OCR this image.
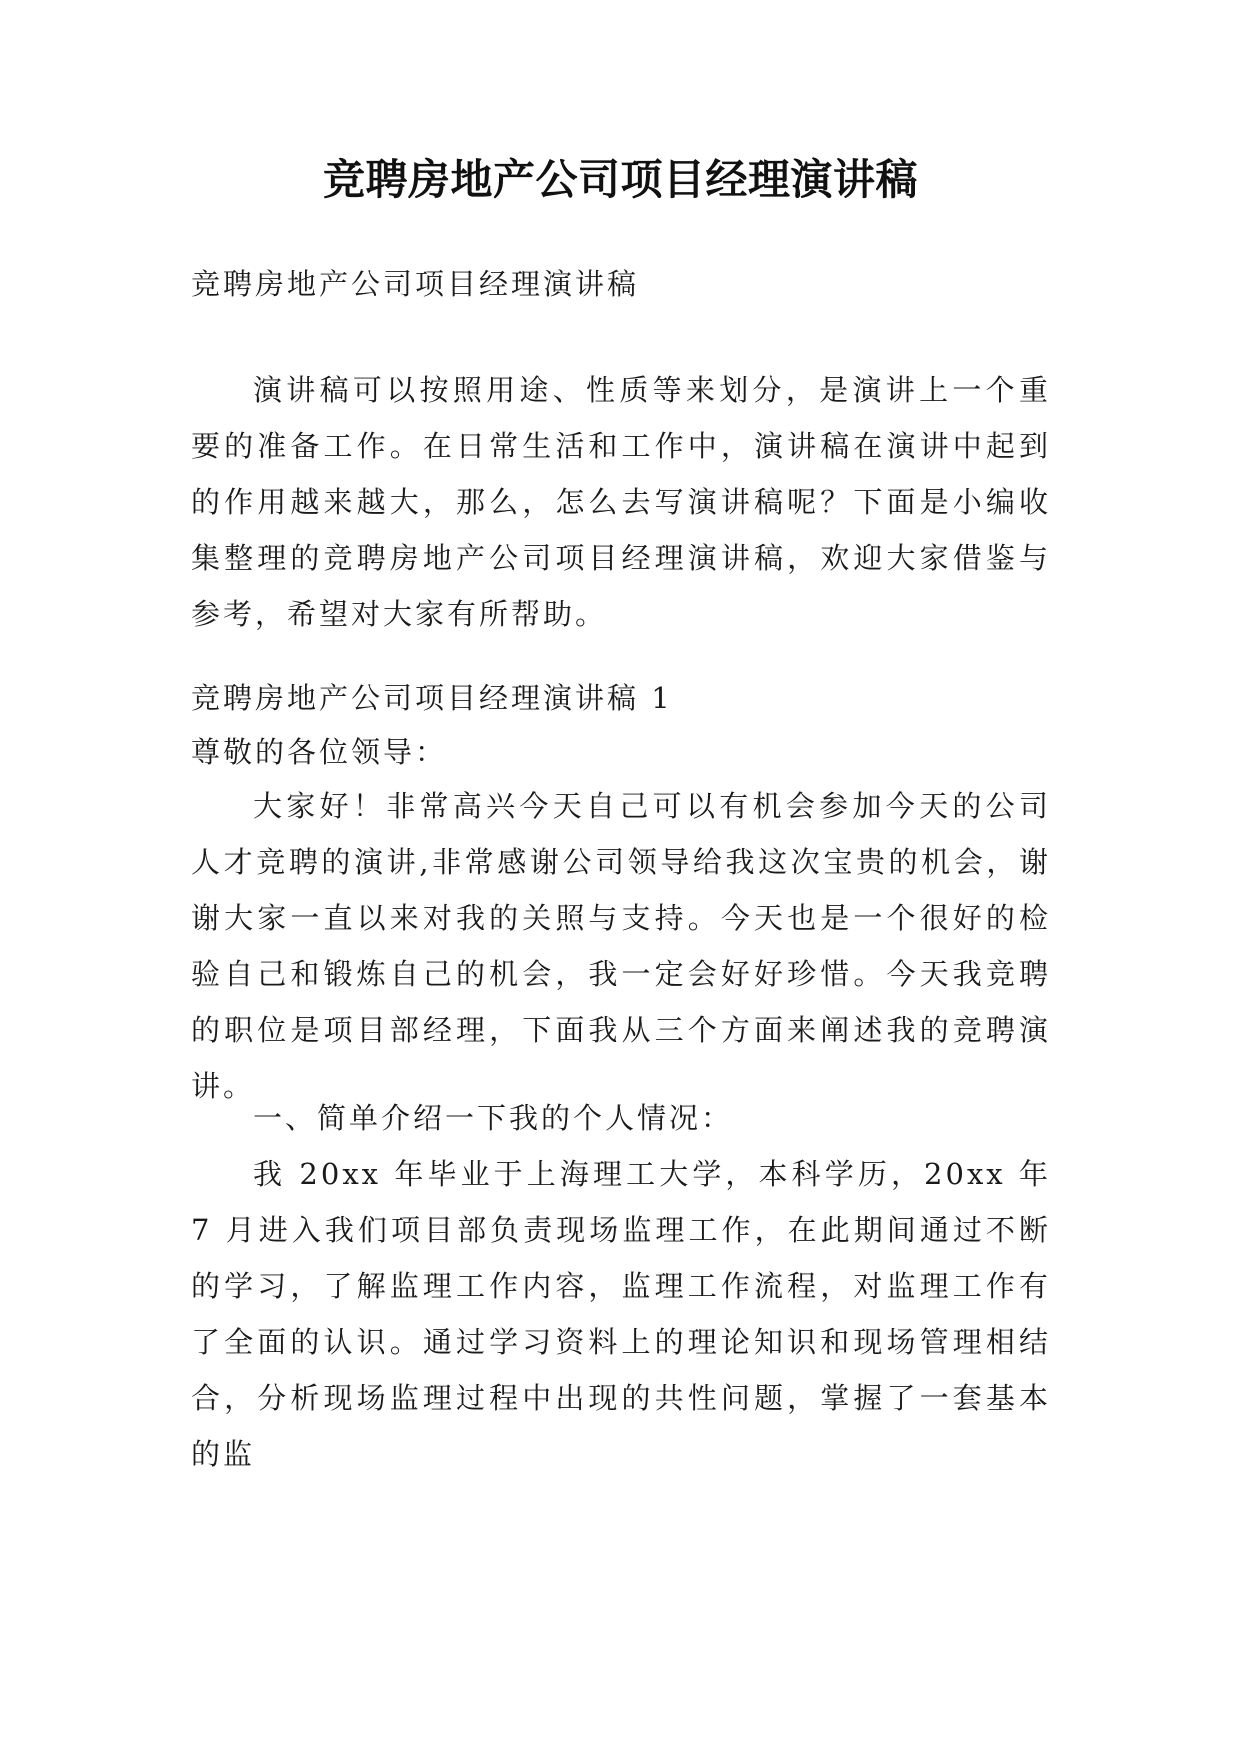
竞聘房地产公司项目经理演讲稿
竞聘房地产公司项目经理演讲稿

演讲稿可以按照用途、性质等来划分，是演讲上一个重要的准备工作。在日常生活和工作中，演讲稿在演讲中起到的作用越来越大，那么，怎么去写演讲稿呢？下面是小编收集整理的竞聘房地产公司项目经理演讲稿，欢迎大家借鉴与参考，希望对大家有所帮助。

竞聘房地产公司项目经理演讲稿 1
尊敬的各位领导：

大家好！非常高兴今天自己可以有机会参加今天的公司人才竞聘的演讲,非常感谢公司领导给我这次宝贵的机会，谢谢大家一直以来对我的关照与支持。今天也是一个很好的检验自己和锻炼自己的机会，我一定会好好珍惜。今天我竞聘的职位是项目部经理，下面我从三个方面来阐述我的竞聘演讲。

一、简单介绍一下我的个人情况：

我 20xx 年毕业于上海理工大学，本科学历，20xx 年 7 月进入我们项目部负责现场监理工作，在此期间通过不断的学习，了解监理工作内容，监理工作流程，对监理工作有了全面的认识。通过学习资料上的理论知识和现场管理相结合，分析现场监理过程中出现的共性问题，掌握了一套基本的监
